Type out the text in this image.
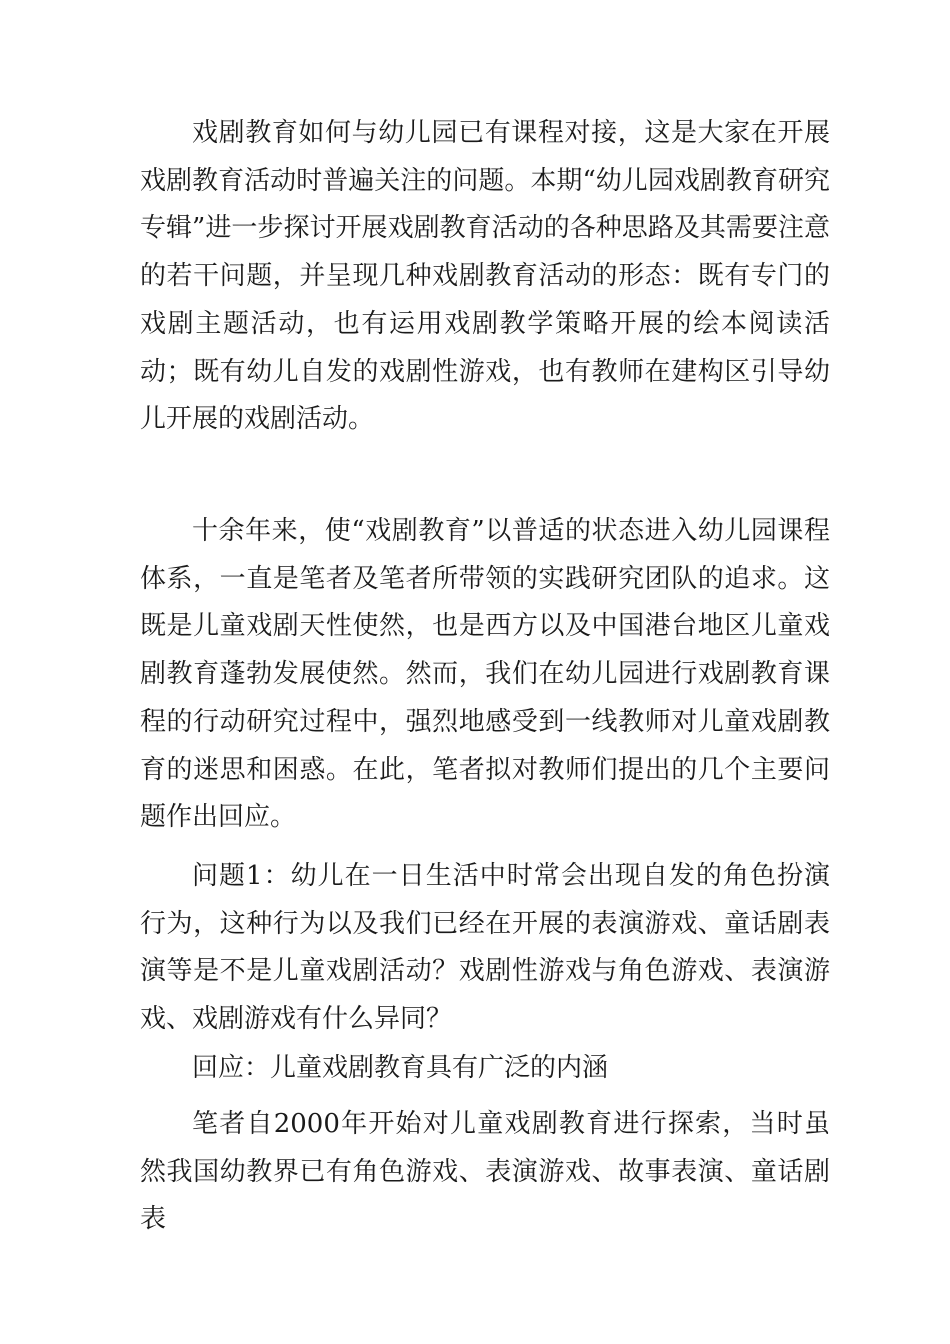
戏剧教育如何与幼儿园已有课程对接，这是大家在开展戏剧教育活动时普遍关注的问题。本期“幼儿园戏剧教育研究专辑”进一步探讨开展戏剧教育活动的各种思路及其需要注意的若干问题，并呈现几种戏剧教育活动的形态：既有专门的戏剧主题活动，也有运用戏剧教学策略开展的绘本阅读活动；既有幼儿自发的戏剧性游戏，也有教师在建构区引导幼儿开展的戏剧活动。

十余年来，使“戏剧教育”以普适的状态进入幼儿园课程体系，一直是笔者及笔者所带领的实践研究团队的追求。这既是儿童戏剧天性使然，也是西方以及中国港台地区儿童戏剧教育蓬勃发展使然。然而，我们在幼儿园进行戏剧教育课程的行动研究过程中，强烈地感受到一线教师对儿童戏剧教育的迷思和困惑。在此，笔者拟对教师们提出的几个主要问题作出回应。

问题1：幼儿在一日生活中时常会出现自发的角色扮演行为，这种行为以及我们已经在开展的表演游戏、童话剧表演等是不是儿童戏剧活动？戏剧性游戏与角色游戏、表演游戏、戏剧游戏有什么异同？

回应：儿童戏剧教育具有广泛的内涵

笔者自2000年开始对儿童戏剧教育进行探索，当时虽然我国幼教界已有角色游戏、表演游戏、故事表演、童话剧表
